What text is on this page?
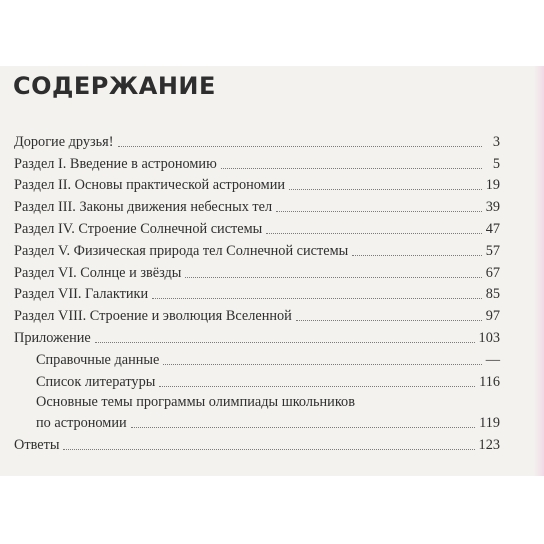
СОДЕРЖАНИЕ
Дорогие друзья!	3
Раздел I. Введение в астрономию	5
Раздел II. Основы практической астрономии	19
Раздел III. Законы движения небесных тел	39
Раздел IV. Строение Солнечной системы	47
Раздел V. Физическая природа тел Солнечной системы	57
Раздел VI. Солнце и звёзды	67
Раздел VII. Галактики	85
Раздел VIII. Строение и эволюция Вселенной	97
Приложение	103
Справочные данные	—
Список литературы	116
Основные темы программы олимпиады школьников
по астрономии	119
Ответы	123
